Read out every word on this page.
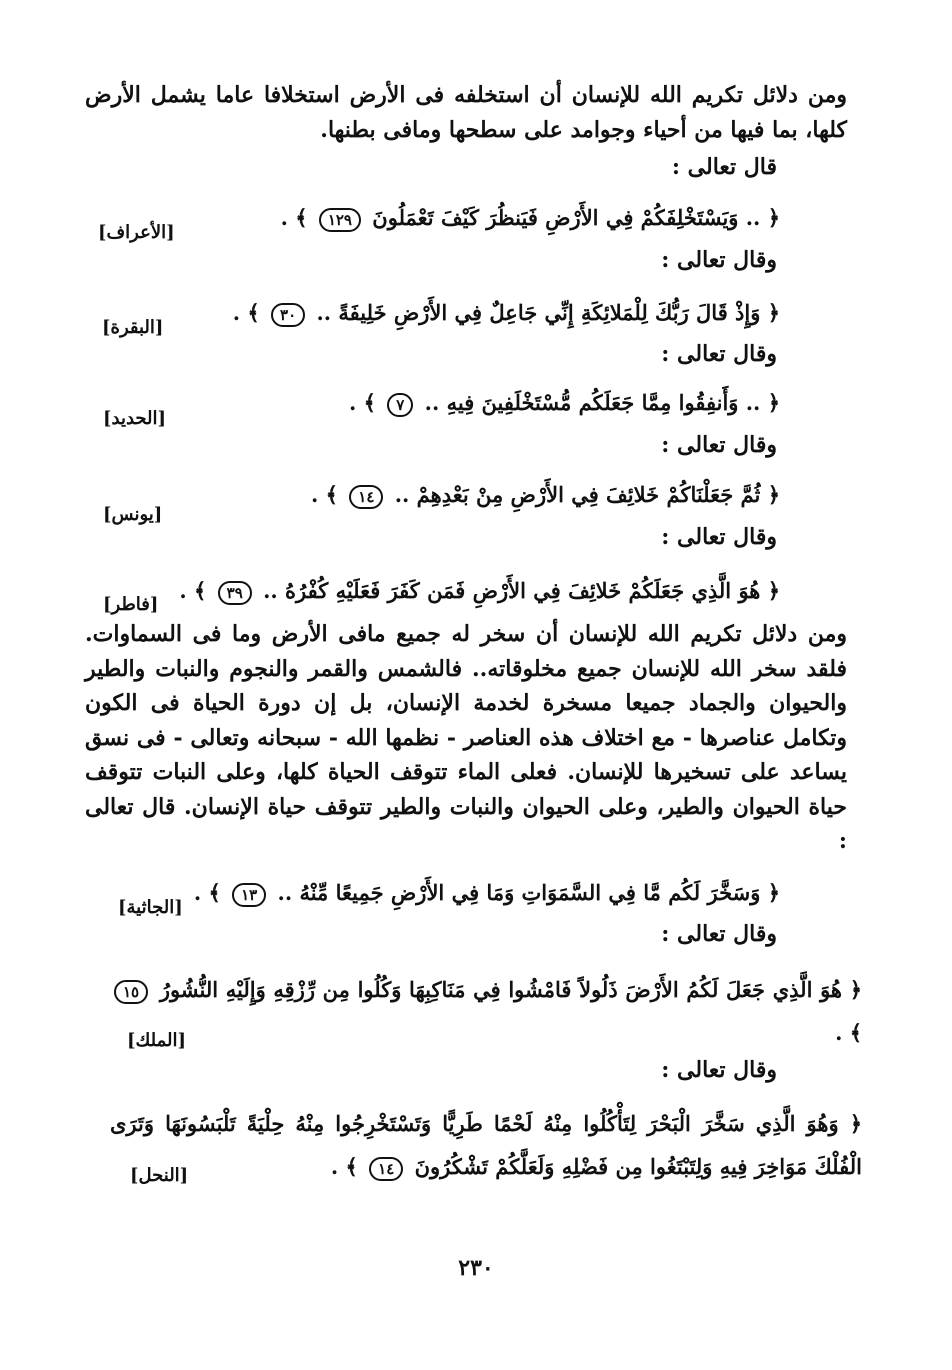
ومن دلائل تكريم الله للإنسان أن استخلفه فى الأرض استخلافا عاما يشمل الأرض كلها، بما فيها من أحياء وجوامد على سطحها ومافى بطنها.
قال تعالى :
﴿ .. وَيَسْتَخْلِفَكُمْ فِي الأَرْضِ فَيَنظُرَ كَيْفَ تَعْمَلُونَ ١٢٩ ﴾ .
[الأعراف]
وقال تعالى :
﴿ وَإِذْ قَالَ رَبُّكَ لِلْمَلائِكَةِ إِنِّي جَاعِلٌ فِي الأَرْضِ خَلِيفَةً .. ٣٠ ﴾ .
[البقرة]
وقال تعالى :
﴿ .. وَأَنفِقُوا مِمَّا جَعَلَكُم مُّسْتَخْلَفِينَ فِيهِ .. ٧ ﴾ .
[الحديد]
وقال تعالى :
﴿ ثُمَّ جَعَلْنَاكُمْ خَلائِفَ فِي الأَرْضِ مِنْ بَعْدِهِمْ .. ١٤ ﴾ .
[يونس]
وقال تعالى :
﴿ هُوَ الَّذِي جَعَلَكُمْ خَلائِفَ فِي الأَرْضِ فَمَن كَفَرَ فَعَلَيْهِ كُفْرُهُ .. ٣٩ ﴾ .
[فاطر]
ومن دلائل تكريم الله للإنسان أن سخر له جميع مافى الأرض وما فى السماوات. فلقد سخر الله للإنسان جميع مخلوقاته.. فالشمس والقمر والنجوم والنبات والطير والحيوان والجماد جميعا مسخرة لخدمة الإنسان، بل إن دورة الحياة فى الكون وتكامل عناصرها - مع اختلاف هذه العناصر - نظمها الله - سبحانه وتعالى - فى نسق يساعد على تسخيرها للإنسان. فعلى الماء تتوقف الحياة كلها، وعلى النبات تتوقف حياة الحيوان والطير، وعلى الحيوان والنبات والطير تتوقف حياة الإنسان. قال تعالى :
﴿ وَسَخَّرَ لَكُم مَّا فِي السَّمَوَاتِ وَمَا فِي الأَرْضِ جَمِيعًا مِّنْهُ .. ١٣ ﴾ .
[الجاثية]
وقال تعالى :
﴿ هُوَ الَّذِي جَعَلَ لَكُمُ الأَرْضَ ذَلُولاً فَامْشُوا فِي مَنَاكِبِهَا وَكُلُوا مِن رِّزْقِهِ وَإِلَيْهِ النُّشُورُ ١٥ ﴾ .
[الملك]
وقال تعالى :
﴿ وَهُوَ الَّذِي سَخَّرَ الْبَحْرَ لِتَأْكُلُوا مِنْهُ لَحْمًا طَرِيًّا وَتَسْتَخْرِجُوا مِنْهُ حِلْيَةً تَلْبَسُونَهَا وَتَرَى الْفُلْكَ مَوَاخِرَ فِيهِ وَلِتَبْتَغُوا مِن فَضْلِهِ وَلَعَلَّكُمْ تَشْكُرُونَ ١٤ ﴾ .
[النحل]
٢٣٠
